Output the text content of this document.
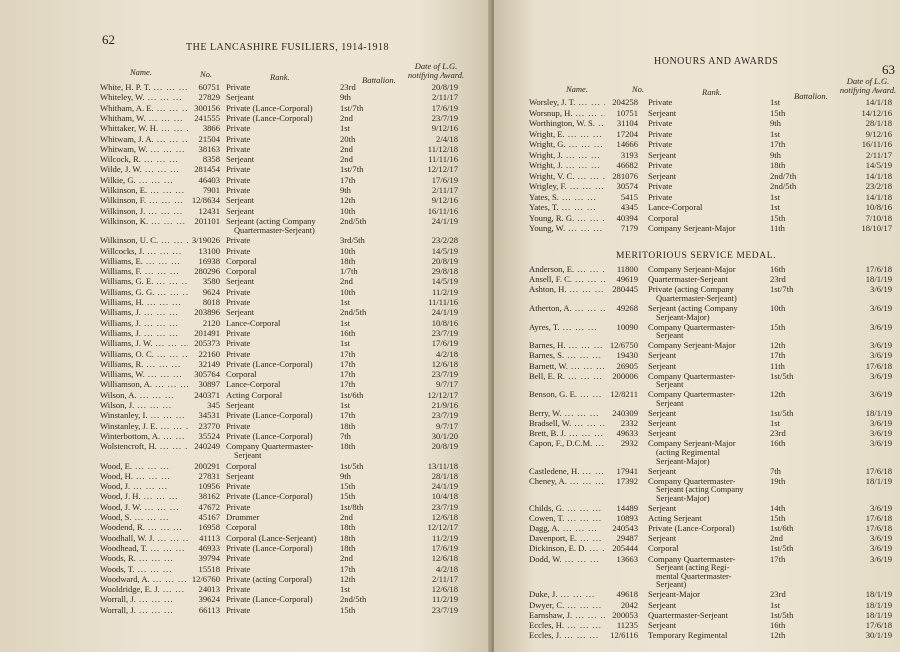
62
THE LANCASHIRE FUSILIERS, 1914-1918
Name.	No.	Rank.	Battalion.
Date of L.G. notifying Award.
White, H. P. T. ... .	60751 Private	23rd	20/8/19
Whiteley, W. ... .	27829 Serjeant	9th	2/11/17
Whitham, A. E. ... .	300156 Private (Lance-Corporal)	1st/7th	17/6/19
Whitham, W. ... .	241555 Private (Lance-Corporal)	2nd	23/7/19
Whittaker, W. H. ... .	3866 Private	1st	9/12/16
Whitwam, J. A. ... .	21504 Private	20th	2/4/18
Whitwam, W. ... .	38163 Private	2nd	11/12/18
Wilcock, R. ... .	8358 Serjeant	2nd	11/11/16
Wilde, J. W. ... .	281454 Private	1st/7th	12/12/17
Wilkie, G. ... .	46403 Private	17th	17/6/19
Wilkinson, E. ... .	7901 Private	9th	2/11/17
Wilkinson, F. ... .	12/8634 Serjeant	12th	9/12/16
Wilkinson, J. ... .	12431 Serjeant	10th	16/11/16
Wilkinson, K. ... .	201101 Serjeant (acting Company	2nd/5th	24/1/19
Quartermaster-Serjeant)
Wilkinson, U. C. ... .	3/19026 Private	3rd/5th	23/2/28
Willcocks, J. ... .	13100 Private	10th	14/5/19
Williams, E. ... .	16938 Corporal	18th	20/8/19
Williams, F. ... .	280296 Corporal	1/7th	29/8/18
Williams, G. E. ... .	3580 Serjeant	2nd	14/5/19
Williams, G. G. ... .	9624 Private	10th	11/2/19
Williams, H. ... .	8018 Private	1st	11/11/16
Williams, J. ... .	203896 Serjeant	2nd/5th	24/1/19
Williams, J. ... .	2120 Lance-Corporal	1st	10/8/16
Williams, J. ... .	201491 Private	16th	23/7/19
Williams, J. W. ... .	205373 Private	1st	17/6/19
Williams, O. C. ... .	22160 Private	17th	4/2/18
Williams, R. ... .	32149 Private (Lance-Corporal)	17th	12/6/18
Williams, W. ... .	305764 Corporal	17th	23/7/19
Williamson, A. ... .	30897 Lance-Corporal	17th	9/7/17
Wilson, A. ... .	240371 Acting Corporal	1st/6th	12/12/17
Wilson, J. ... .	345 Serjeant	1st	21/9/16
Winstanley, I. ... .	34531 Private (Lance-Corporal)	17th	23/7/19
Winstanley, J. E. ... .	23770 Private	18th	9/7/17
Winterbottom, A. ... .	35524 Private (Lance-Corporal)	7th	30/1/20
Wolstencroft, H. ... .	240249 Company Quartermaster-	18th	20/8/19
Serjeant
Wood, E. ... .	200291 Corporal	1st/5th	13/11/18
Wood, H. ... .	27831 Serjeant	9th	28/1/18
Wood, J. ... .	10956 Private	15th	24/1/19
Wood, J. H. ... .	38162 Private (Lance-Corporal)	15th	10/4/18
Wood, J. W. ... .	47672 Private	1st/8th	23/7/19
Wood, S. ... .	45167 Drummer	2nd	12/6/18
Woodend, R. ... .	16958 Corporal	18th	12/12/17
Woodhall, W. J. ... .	41113 Corporal (Lance-Serjeant)	18th	11/2/19
Woodhead, T. ... .	46933 Private (Lance-Corporal)	18th	17/6/19
Woods, R. ... .	39794 Private	2nd	12/6/18
Woods, T. ... .	15518 Private	17th	4/2/18
Woodward, A. ... .	12/6760 Private (acting Corporal)	12th	2/11/17
Wooldridge, E. J. ... .	24013 Private	1st	12/6/18
Worrall, J. ... .	39624 Private (Lance-Corporal)	2nd/5th	11/2/19
Worrall, J. ... .	66113 Private	15th	23/7/19
63
HONOURS AND AWARDS
Name.	No.	Rank.	Battalion.
Date of L.G. notifying Award.
Worsley, J. T. ... .	204258 Private	1st	14/1/18
Worsnup, H. ... .	10751 Serjeant	15th	14/12/16
Worthington, W. S. ... .	31104 Private	9th	28/1/18
Wright, E. ... .	17204 Private	1st	9/12/16
Wright, G. ... .	14666 Private	17th	16/11/16
Wright, J. ... .	3193 Serjeant	9th	2/11/17
Wright, J. ... .	46682 Private	18th	14/5/19
Wright, V. C. ... .	281076 Serjeant	2nd/7th	14/1/18
Wrigley, F. ... .	30574 Private	2nd/5th	23/2/18
Yates, S. ... .	5415 Private	1st	14/1/18
Yates, T. ... .	4345 Lance-Corporal	1st	10/8/16
Young, R. G. ... .	40394 Corporal	15th	7/10/18
Young, W. ... .	7179 Company Serjeant-Major	11th	18/10/17
MERITORIOUS SERVICE MEDAL.
Anderson, E. ... .	11800 Company Serjeant-Major	16th	17/6/18
Ansell, F. C. ... .	49619 Quartermaster-Serjeant	23rd	18/1/19
Ashton, H. ... .	280445 Private (acting Company	1st/7th	3/6/19
Quartermaster-Serjeant)
Atherton, A. ... .	49268 Serjeant (acting Company	10th	3/6/19
Serjeant-Major)
Ayres, T. ... .	10090 Company Quartermaster-	15th	3/6/19
Serjeant
Barnes, H. ... .	12/6750 Company Serjeant-Major	12th	3/6/19
Barnes, S. ... .	19430 Serjeant	17th	3/6/19
Barnett, W. ... .	26905 Serjeant	11th	17/6/18
Bell, E. R. ... .	200006 Company Quartermaster-	1st/5th	3/6/19
Serjeant
Benson, G. E. ... .	12/8211 Company Quartermaster-	12th	3/6/19
Serjeant
Berry, W. ... .	240309 Serjeant	1st/5th	18/1/19
Bradsell, W. ... .	2332 Serjeant	1st	3/6/19
Brett, B. J. ... .	49633 Serjeant	23rd	3/6/19
Capon, F., D.C.M. ... .	2932 Company Serjeant-Major	16th	3/6/19
(acting Regimental
Serjeant-Major)
Castledene, H. ... .	17941 Serjeant	7th	17/6/18
Cheney, A. ... .	17392 Company Quartermaster-	19th	18/1/19
Serjeant (acting Company
Serjeant-Major)
Childs, G. ... .	14489 Serjeant	14th	3/6/19
Cowen, T. ... .	10893 Acting Serjeant	15th	17/6/18
Dagg, A. ... .	240543 Private (Lance-Corporal)	1st/6th	17/6/18
Davenport, E. ... .	29487 Serjeant	2nd	3/6/19
Dickinson, E. D. ... .	205444 Corporal	1st/5th	3/6/19
Dodd, W. ... .	13663 Company Quartermaster-	17th	3/6/19
Serjeant (acting Regi-
mental Quartermaster-
Serjeant)
Duke, J. ... .	49618 Serjeant-Major	23rd	18/1/19
Dwyer, C. ... .	2042 Serjeant	1st	18/1/19
Earnshaw, J. ... .	200053 Quartermaster-Serjeant	1st/5th	18/1/19
Eccles, H. ... .	11235 Serjeant	16th	17/6/18
Eccles, J. ... .	12/6116 Temporary Regimental	12th	30/1/19
